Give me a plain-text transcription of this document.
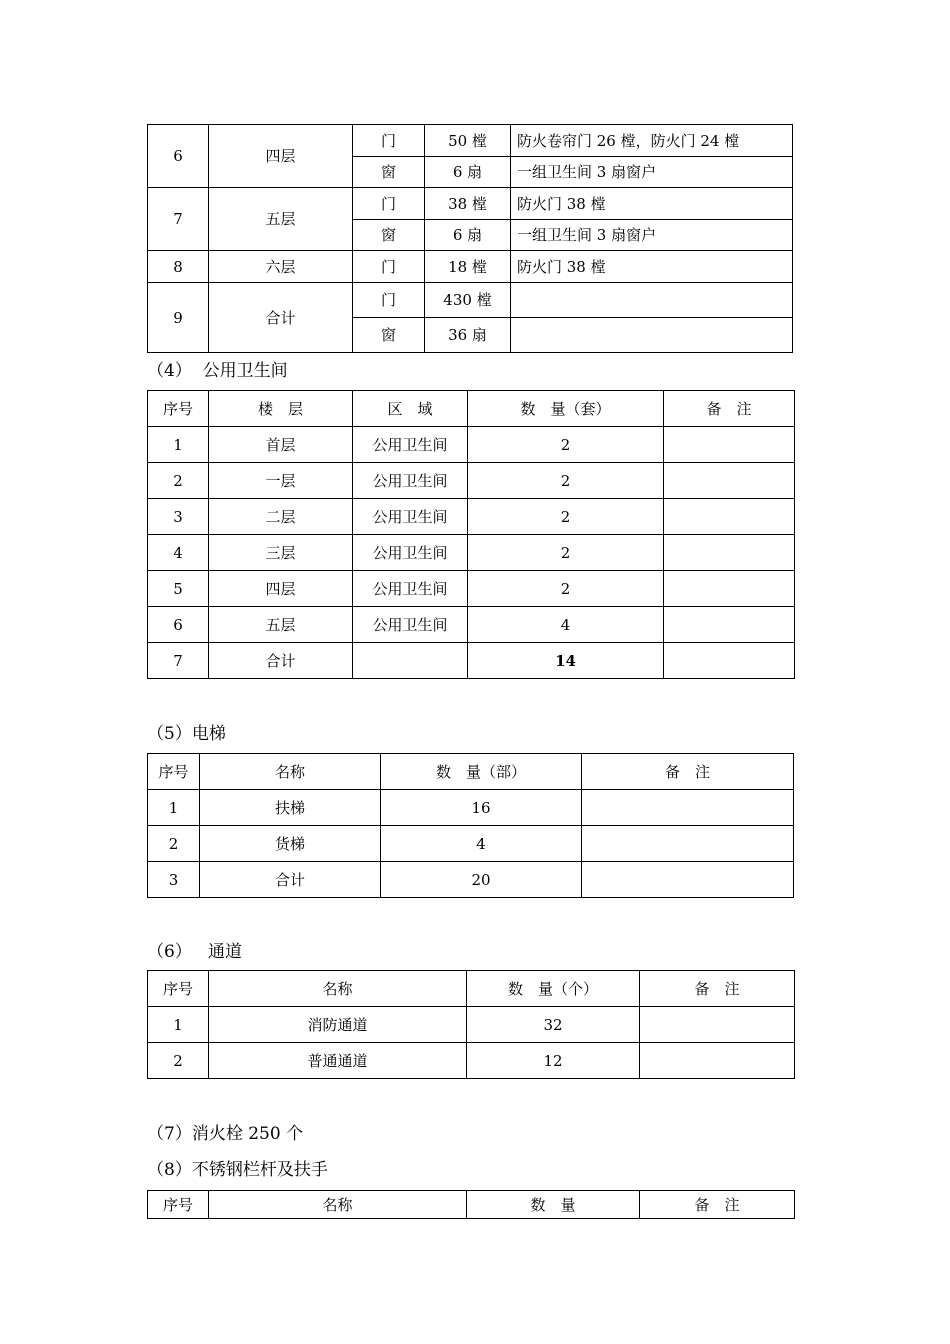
6	四层	门	50 樘	防火卷帘门 26 樘，防火门 24 樘
		窗	6 扇	一组卫生间 3 扇窗户
7	五层	门	38 樘	防火门 38 樘
		窗	6 扇	一组卫生间 3 扇窗户
8	六层	门	18 樘	防火门 38 樘
9	合计	门	430 樘	
		窗	36 扇	
（4）  公用卫生间
序号	楼　层	区　域	数　量（套）	备　注
1	首层	公用卫生间	2	
2	一层	公用卫生间	2	
3	二层	公用卫生间	2	
4	三层	公用卫生间	2	
5	四层	公用卫生间	2	
6	五层	公用卫生间	4	
7	合计		14	
（5）电梯
序号	名称	数　量（部）	备　注
1	扶梯	16	
2	货梯	4	
3	合计	20	
（6）   通道
序号	名称	数　量（个）	备　注
1	消防通道	32	
2	普通通道	12	
（7）消火栓 250 个
（8）不锈钢栏杆及扶手
序号	名称	数　量	备　注
